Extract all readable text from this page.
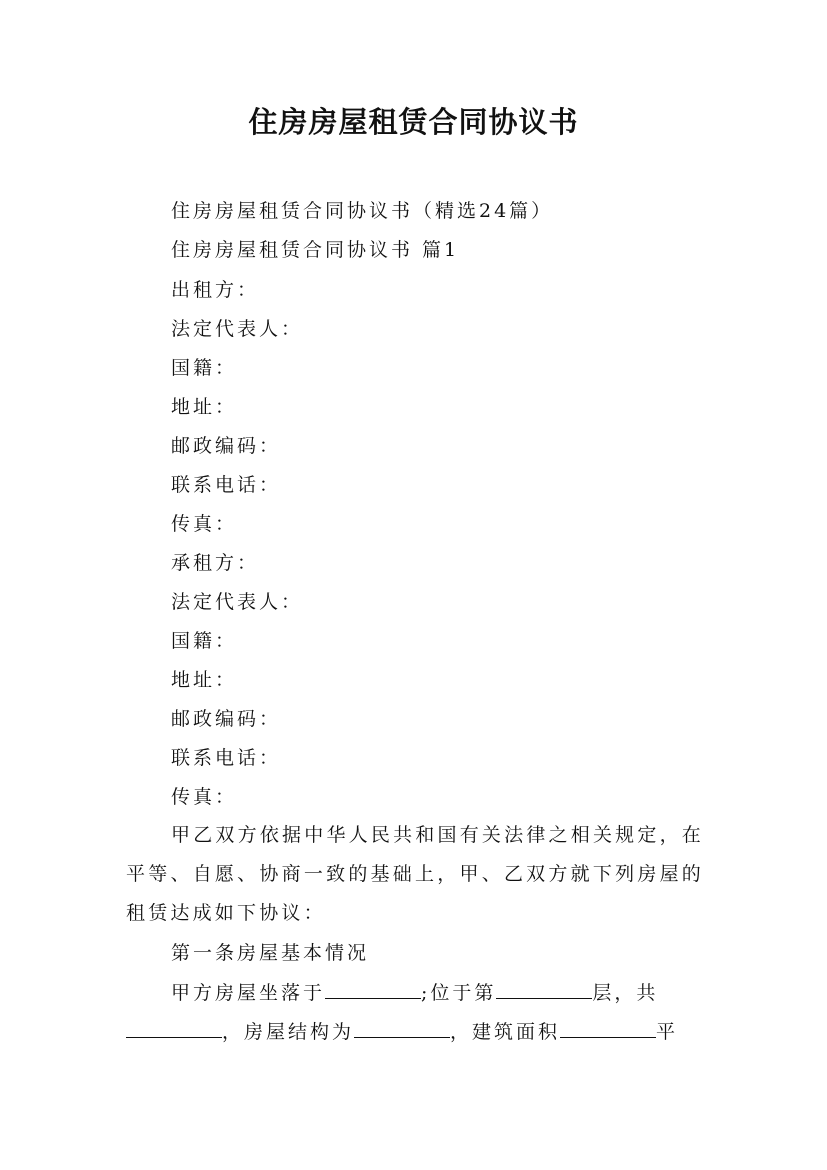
住房房屋租赁合同协议书
住房房屋租赁合同协议书（精选24篇）
住房房屋租赁合同协议书 篇1
出租方：
法定代表人：
国籍：
地址：
邮政编码：
联系电话：
传真：
承租方：
法定代表人：
国籍：
地址：
邮政编码：
联系电话：
传真：
甲乙双方依据中华人民共和国有关法律之相关规定，在平等、自愿、协商一致的基础上，甲、乙双方就下列房屋的租赁达成如下协议：
第一条房屋基本情况
甲方房屋坐落于	;位于第	层，共
，房屋结构为	，建筑面积	平
